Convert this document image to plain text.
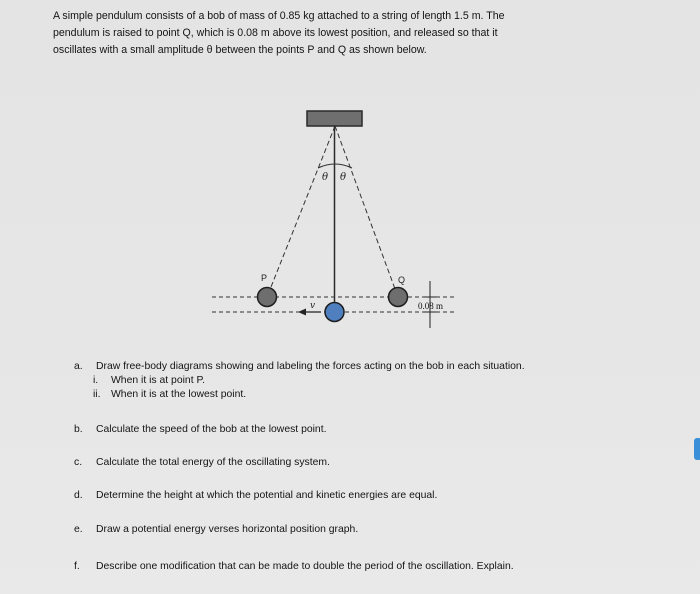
A simple pendulum consists of a bob of mass of 0.85 kg attached to a string of length 1.5 m. The
pendulum is raised to point Q, which is 0.08 m above its lowest position, and released so that it
oscillates with a small amplitude θ between the points P and Q as shown below.
θ θ
0.08 m
v
P	Q
a. Draw free-body diagrams showing and labeling the forces acting on the bob in each situation.
i. When it is at point P.
ii. When it is at the lowest point.
b. Calculate the speed of the bob at the lowest point.
c. Calculate the total energy of the oscillating system.
d. Determine the height at which the potential and kinetic energies are equal.
e. Draw a potential energy verses horizontal position graph.
f. Describe one modification that can be made to double the period of the oscillation. Explain.
